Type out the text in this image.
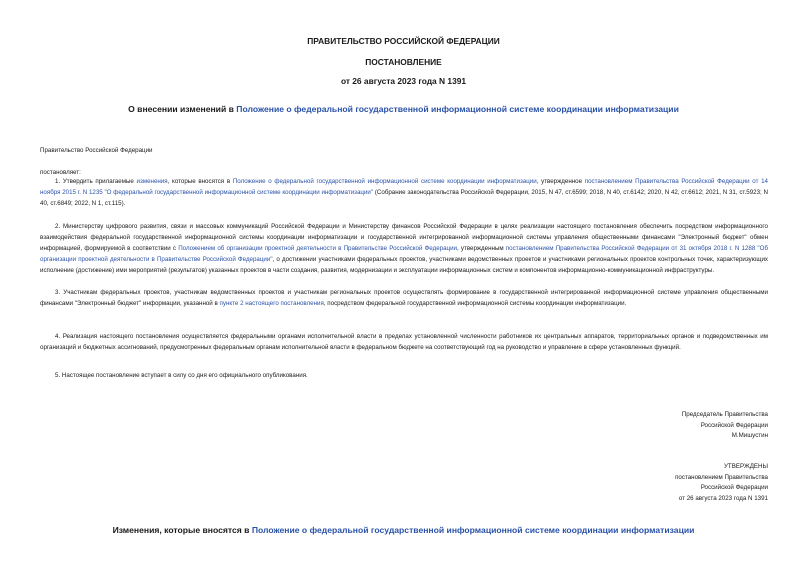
ПРАВИТЕЛЬСТВО РОССИЙСКОЙ ФЕДЕРАЦИИ
ПОСТАНОВЛЕНИЕ
от 26 августа 2023 года N 1391
О внесении изменений в Положение о федеральной государственной информационной системе координации информатизации

Правительство Российской Федерации

постановляет:

1. Утвердить прилагаемые изменения, которые вносятся в Положение о федеральной государственной информационной системе координации информатизации, утвержденное постановлением Правительства Российской Федерации от 14 ноября 2015 г. N 1235 "О федеральной государственной информационной системе координации информатизации" (Собрание законодательства Российской Федерации, 2015, N 47, ст.6599; 2018, N 40, ст.6142; 2020, N 42, ст.6612; 2021, N 31, ст.5923; N 40, ст.6849; 2022, N 1, ст.115).

2. Министерству цифрового развития, связи и массовых коммуникаций Российской Федерации и Министерству финансов Российской Федерации в целях реализации настоящего постановления обеспечить посредством информационного взаимодействия федеральной государственной информационной системы координации информатизации и государственной интегрированной информационной системы управления общественными финансами "Электронный бюджет" обмен информацией, формируемой в соответствии с Положением об организации проектной деятельности в Правительстве Российской Федерации, утвержденным постановлением Правительства Российской Федерации от 31 октября 2018 г. N 1288 "Об организации проектной деятельности в Правительстве Российской Федерации", о достижении участниками федеральных проектов, участниками ведомственных проектов и участниками региональных проектов контрольных точек, характеризующих исполнение (достижение) ими мероприятий (результатов) указанных проектов в части создания, развития, модернизации и эксплуатации информационных систем и компонентов информационно-коммуникационной инфраструктуры.

3. Участникам федеральных проектов, участникам ведомственных проектов и участникам региональных проектов осуществлять формирование в государственной интегрированной информационной системе управления общественными финансами "Электронный бюджет" информации, указанной в пункте 2 настоящего постановления, посредством федеральной государственной информационной системы координации информатизации.

4. Реализация настоящего постановления осуществляется федеральными органами исполнительной власти в пределах установленной численности работников их центральных аппаратов, территориальных органов и подведомственных им организаций и бюджетных ассигнований, предусмотренных федеральным органам исполнительной власти в федеральном бюджете на соответствующий год на руководство и управление в сфере установленных функций.

5. Настоящее постановление вступает в силу со дня его официального опубликования.

Председатель Правительства
Российской Федерации
М.Мишустин
УТВЕРЖДЕНЫ
постановлением Правительства
Российской Федерации
от 26 августа 2023 года N 1391
Изменения, которые вносятся в Положение о федеральной государственной информационной системе координации информатизации
